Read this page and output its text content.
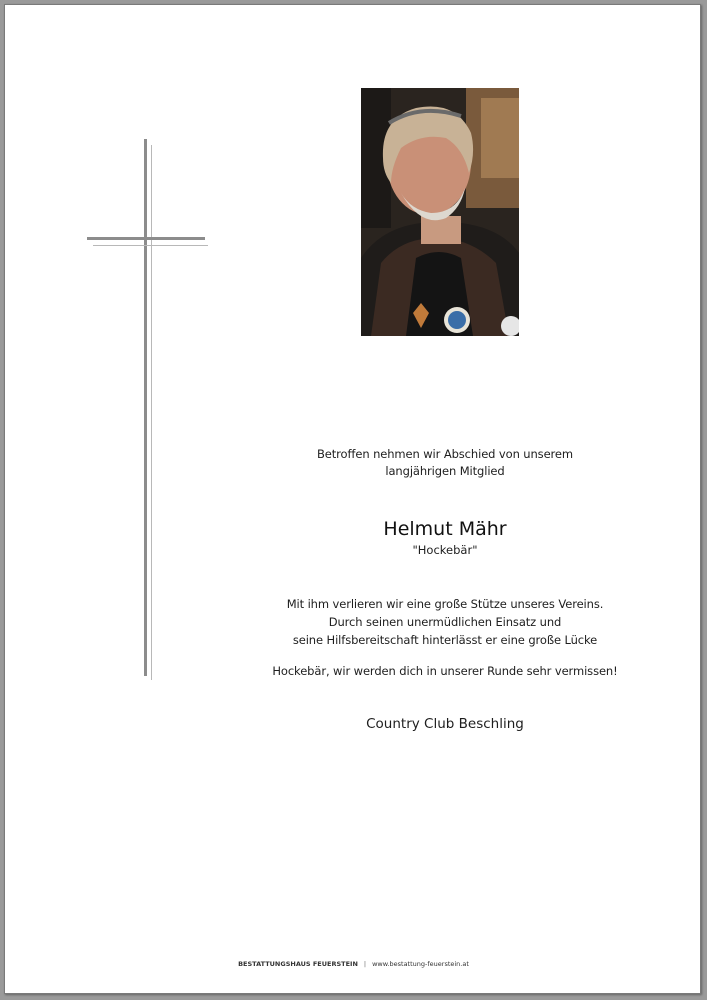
Betroffen nehmen wir Abschied von unserem
langjährigen Mitglied
Helmut Mähr
"Hockebär"
Mit ihm verlieren wir eine große Stütze unseres Vereins.
Durch seinen unermüdlichen Einsatz und
seine Hilfsbereitschaft hinterlässt er eine große Lücke
Hockebär, wir werden dich in unserer Runde sehr vermissen!
Country Club Beschling
BESTATTUNGSHAUS FEUERSTEIN | www.bestattung-feuerstein.at
